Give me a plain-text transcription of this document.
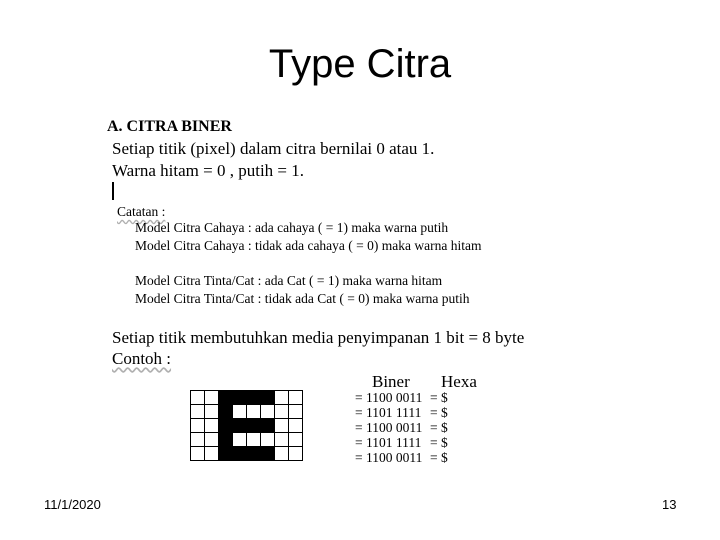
Type Citra
A. CITRA BINER
Setiap titik (pixel) dalam citra bernilai 0 atau 1.
Warna hitam = 0 , putih = 1.
Catatan :
Model Citra Cahaya : ada cahaya ( = 1) maka warna putih
Model Citra Cahaya : tidak ada cahaya ( = 0) maka warna hitam
Model Citra Tinta/Cat : ada Cat ( = 1) maka warna hitam
Model Citra Tinta/Cat : tidak ada Cat ( = 0) maka warna putih
Setiap titik membutuhkan media penyimpanan 1 bit = 8 byte
Contoh :

Biner Hexa
= 1100 0011 = $
= 1101 1111 = $
= 1100 0011 = $
= 1101 1111 = $
= 1100 0011 = $
11/1/2020	13
